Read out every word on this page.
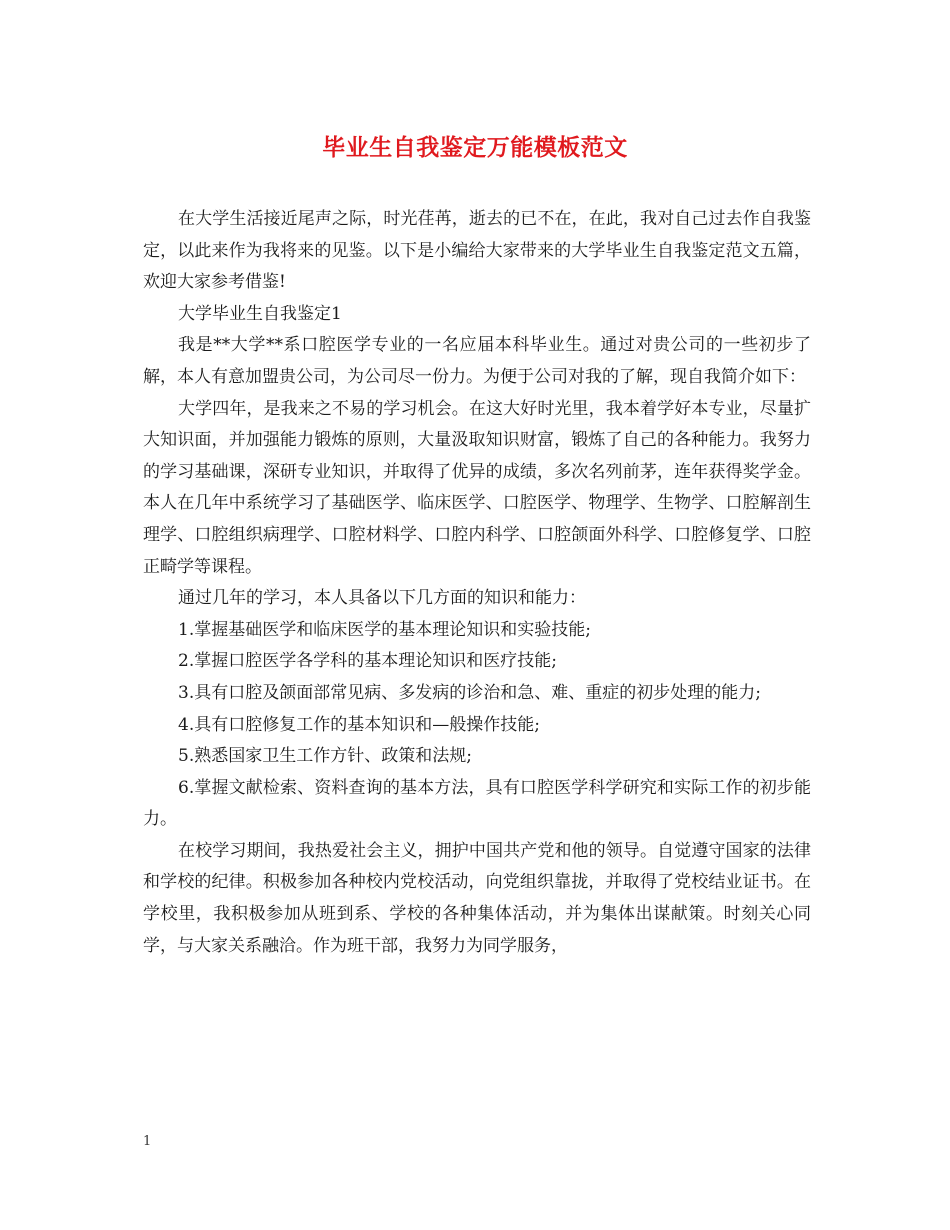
毕业生自我鉴定万能模板范文

在大学生活接近尾声之际，时光荏苒，逝去的已不在，在此，我对自己过去作自我鉴定，以此来作为我将来的见鉴。以下是小编给大家带来的大学毕业生自我鉴定范文五篇，欢迎大家参考借鉴!

大学毕业生自我鉴定1

我是**大学**系口腔医学专业的一名应届本科毕业生。通过对贵公司的一些初步了解，本人有意加盟贵公司，为公司尽一份力。为便于公司对我的了解，现自我简介如下：

大学四年，是我来之不易的学习机会。在这大好时光里，我本着学好本专业，尽量扩大知识面，并加强能力锻炼的原则，大量汲取知识财富，锻炼了自己的各种能力。我努力的学习基础课，深研专业知识，并取得了优异的成绩，多次名列前茅，连年获得奖学金。本人在几年中系统学习了基础医学、临床医学、口腔医学、物理学、生物学、口腔解剖生理学、口腔组织病理学、口腔材料学、口腔内科学、口腔颌面外科学、口腔修复学、口腔正畸学等课程。

通过几年的学习，本人具备以下几方面的知识和能力：

1.掌握基础医学和临床医学的基本理论知识和实验技能;

2.掌握口腔医学各学科的基本理论知识和医疗技能;

3.具有口腔及颌面部常见病、多发病的诊治和急、难、重症的初步处理的能力;

4.具有口腔修复工作的基本知识和—般操作技能;

5.熟悉国家卫生工作方针、政策和法规;

6.掌握文献检索、资料查询的基本方法，具有口腔医学科学研究和实际工作的初步能力。

在校学习期间，我热爱社会主义，拥护中国共产党和他的领导。自觉遵守国家的法律和学校的纪律。积极参加各种校内党校活动，向党组织靠拢，并取得了党校结业证书。在学校里，我积极参加从班到系、学校的各种集体活动，并为集体出谋献策。时刻关心同学，与大家关系融洽。作为班干部，我努力为同学服务，

1
